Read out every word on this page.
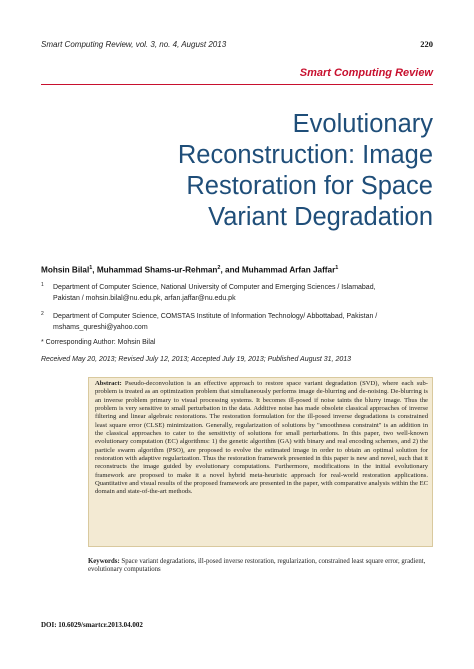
Smart Computing Review, vol. 3, no. 4, August 2013	220
Smart Computing Review
Evolutionary
Reconstruction: Image
Restoration for Space
Variant Degradation
Mohsin Bilal$^1$, Muhammad Shams-ur-Rehman$^2$, and Muhammad Arfan Jaffar$^1$
1	Department of Computer Science, National University of Computer and Emerging Sciences / Islamabad,
Pakistan / mohsin.bilal@nu.edu.pk, arfan.jaffar@nu.edu.pk
2	Department of Computer Science, COMSTAS Institute of Information Technology/ Abbottabad, Pakistan /
mshams_qureshi@yahoo.com
* Corresponding Author: Mohsin Bilal
Received May 20, 2013; Revised July 12, 2013; Accepted July 19, 2013; Published August 31, 2013
Abstract: Pseudo-deconvolution is an effective approach to restore space variant degradation (SVD), where each sub-problem is treated as an optimization problem that simultaneously performs image de-blurring and de-noising. De-blurring is an inverse problem primary to visual processing systems. It becomes ill-posed if noise taints the blurry image. Thus the problem is very sensitive to small perturbation in the data. Additive noise has made obsolete classical approaches of inverse filtering and linear algebraic restorations. The restoration formulation for the ill-posed inverse degradations is constrained least square error (CLSE) minimization. Generally, regularization of solutions by "smoothness constraint" is an addition in the classical approaches to cater to the sensitivity of solutions for small perturbations. In this paper, two well-known evolutionary computation (EC) algorithms: 1) the genetic algorithm (GA) with binary and real encoding schemes, and 2) the particle swarm algorithm (PSO), are proposed to evolve the estimated image in order to obtain an optimal solution for restoration with adaptive regularization. Thus the restoration framework presented in this paper is new and novel, such that it reconstructs the image guided by evolutionary computations. Furthermore, modifications in the initial evolutionary framework are proposed to make it a novel hybrid meta-heuristic approach for real-world restoration applications. Quantitative and visual results of the proposed framework are presented in the paper, with comparative analysis within the EC domain and state-of-the-art methods.
Keywords: Space variant degradations, ill-posed inverse restoration, regularization, constrained least square error, gradient, evolutionary computations
DOI: 10.6029/smartcr.2013.04.002
